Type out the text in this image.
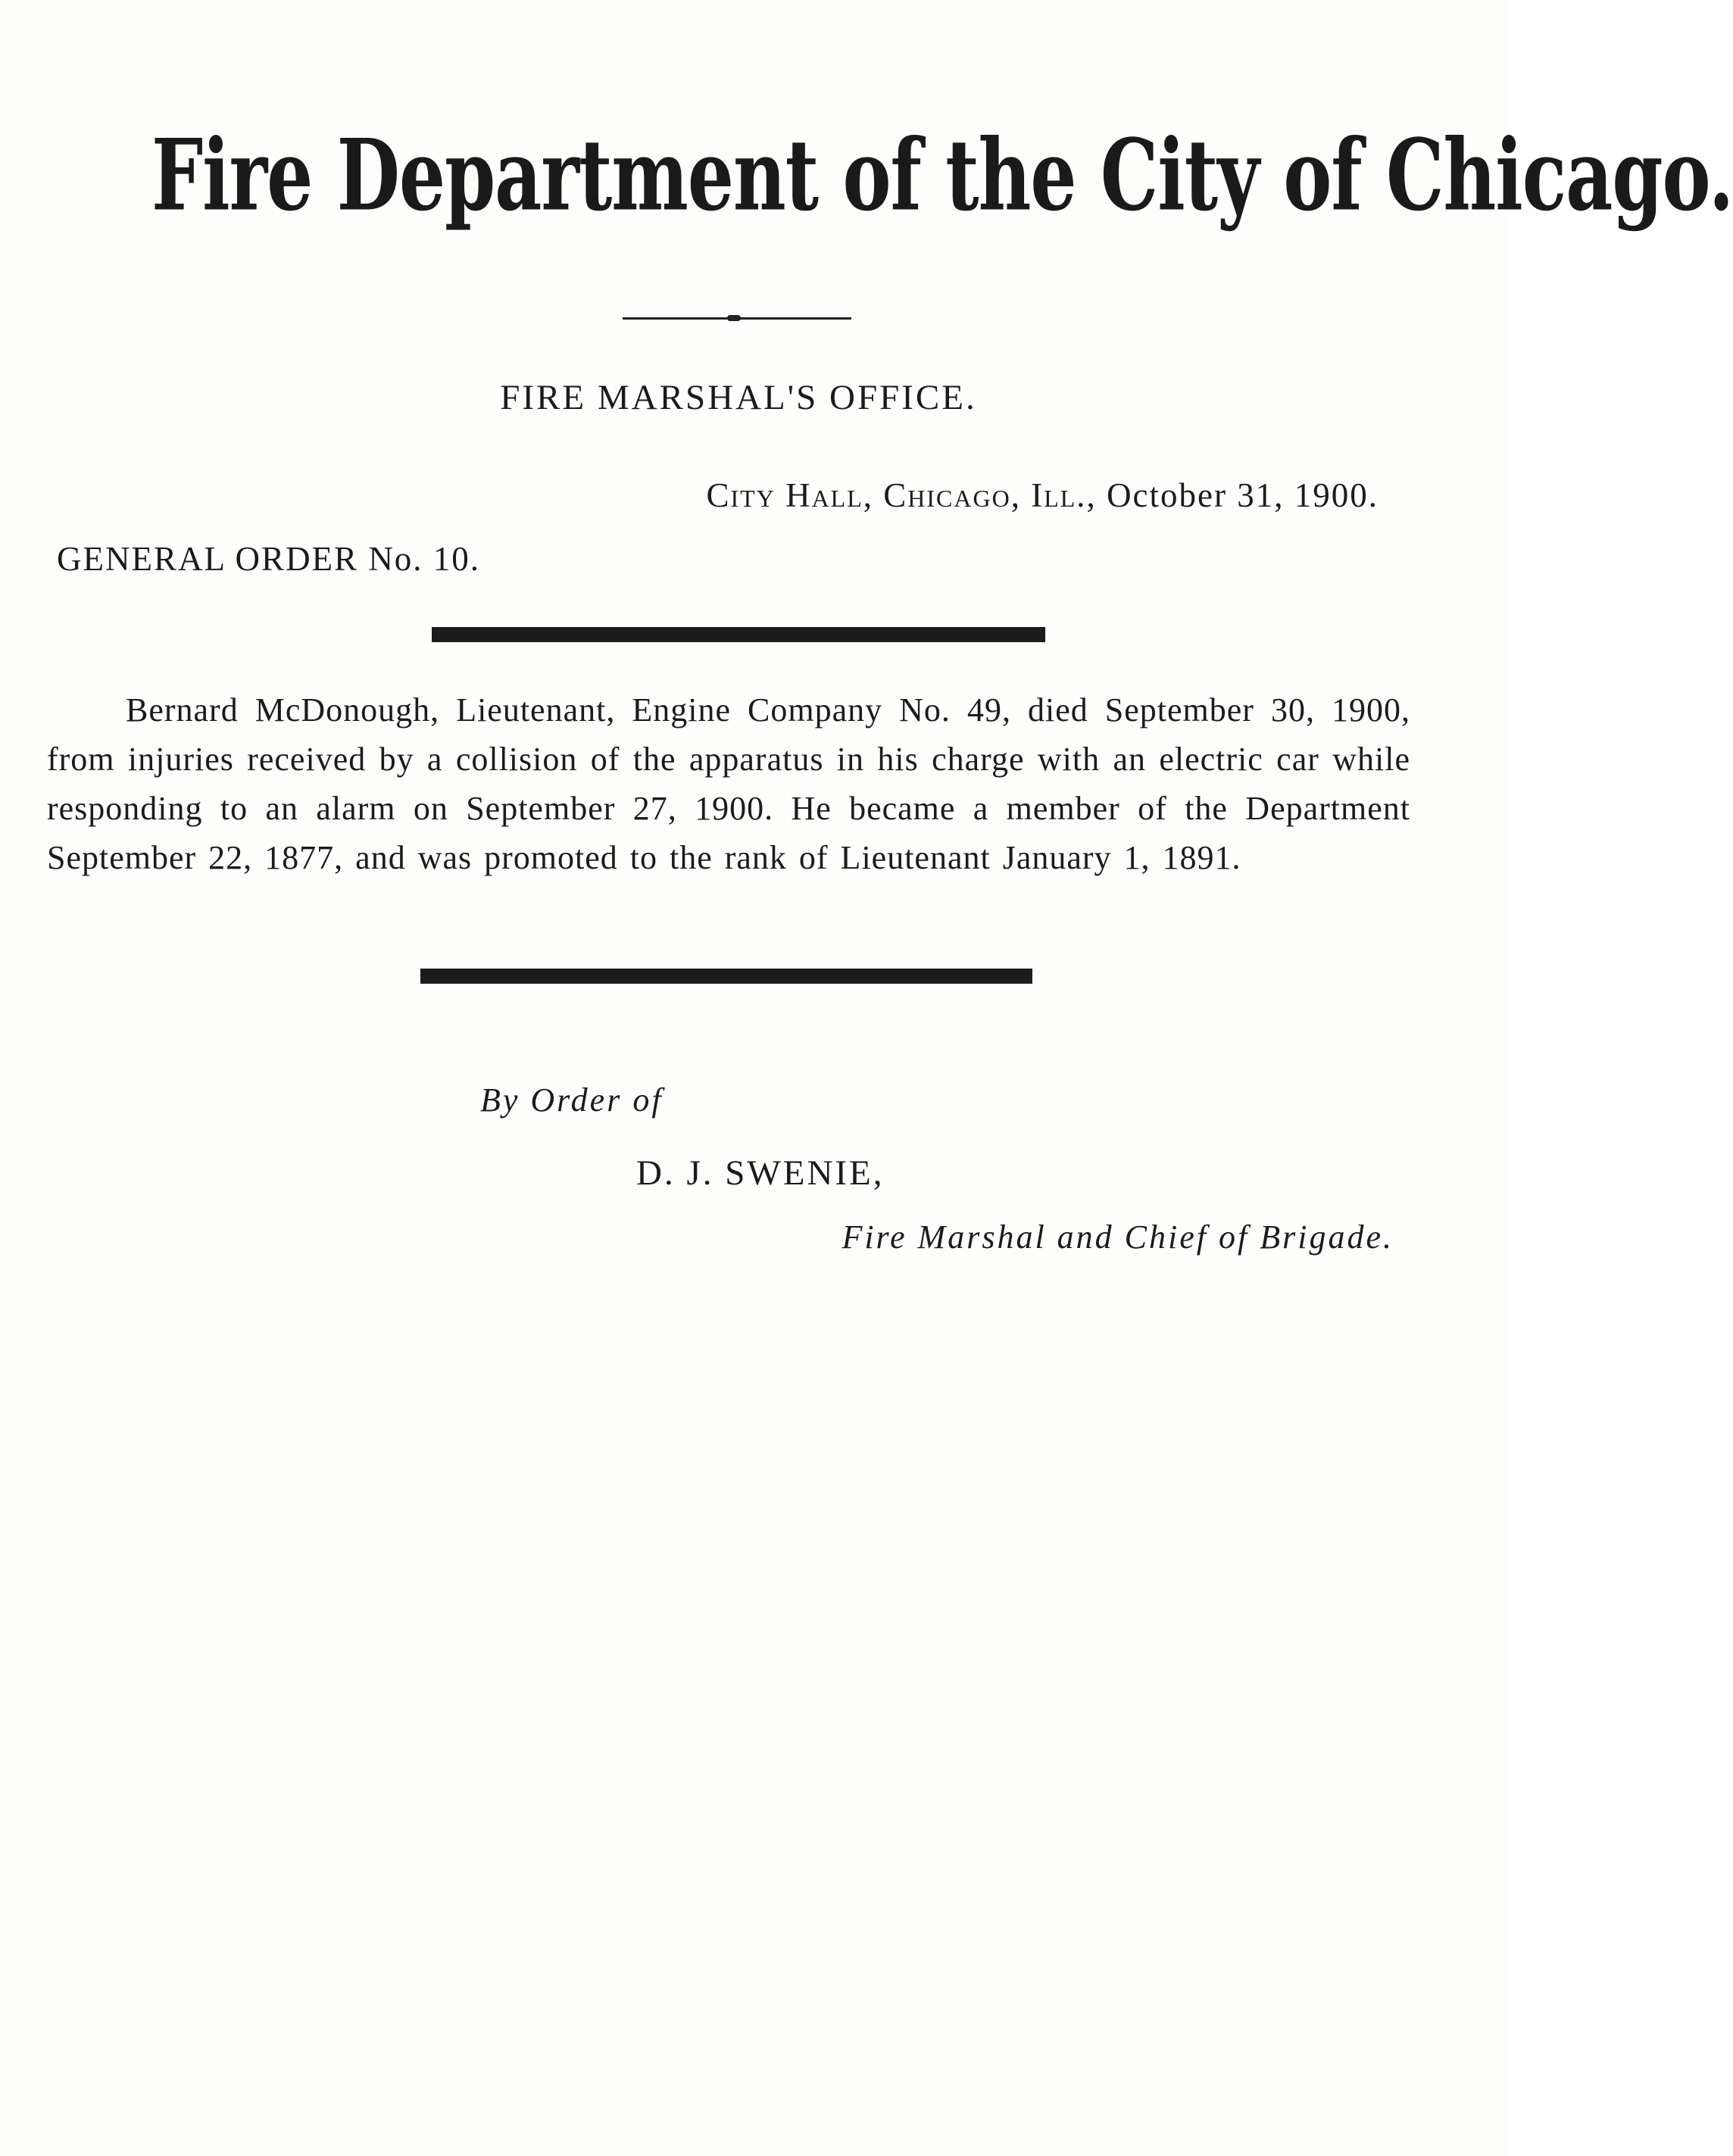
Fire Department of the City of Chicago.
FIRE MARSHAL'S OFFICE.
City Hall, Chicago, Ill., October 31, 1900.
GENERAL ORDER No. 10.
Bernard McDonough, Lieutenant, Engine Company No. 49, died September 30, 1900, from injuries received by a collision of the apparatus in his charge with an electric car while responding to an alarm on September 27, 1900. He became a member of the Department September 22, 1877, and was promoted to the rank of Lieutenant January 1, 1891.
By Order of
D. J. SWENIE,
Fire Marshal and Chief of Brigade.
